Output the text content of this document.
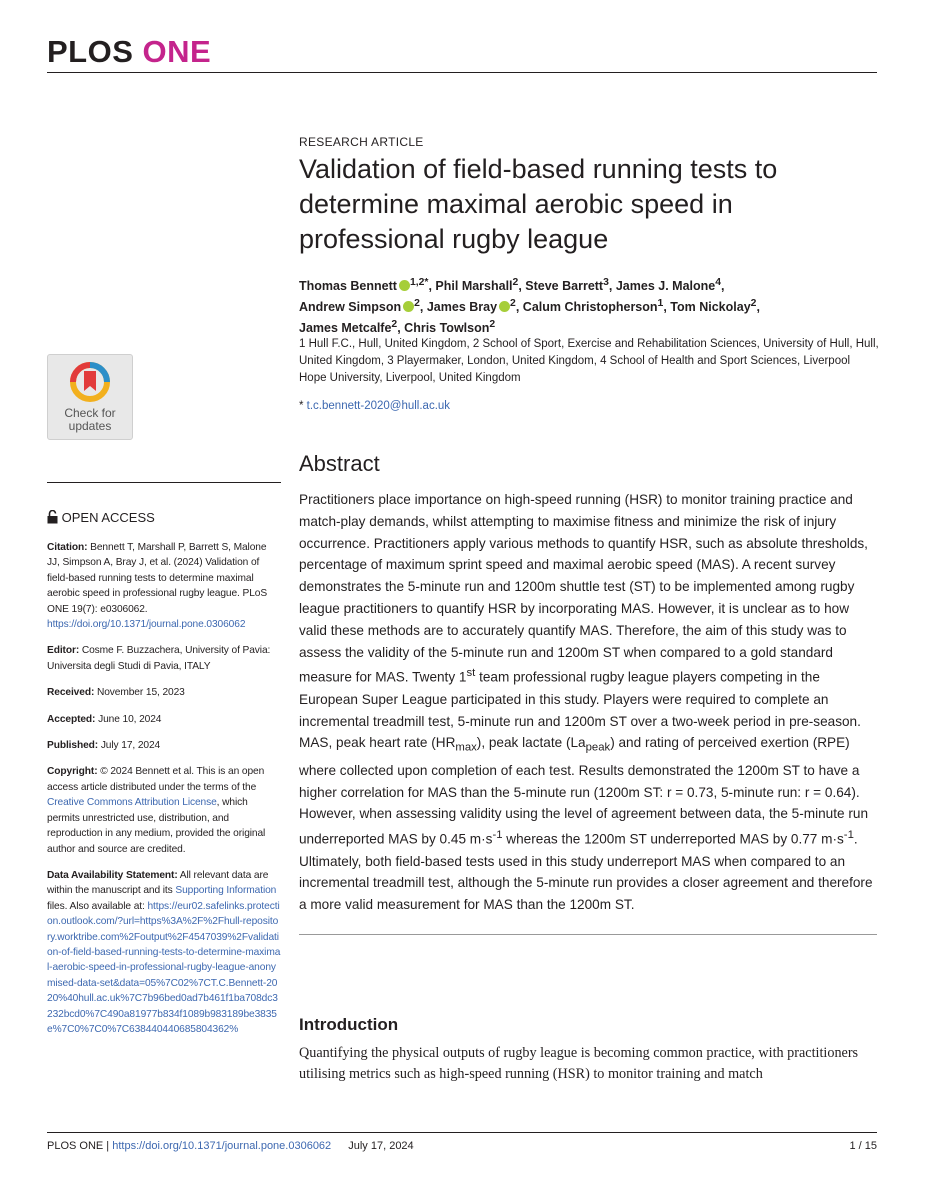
PLOS ONE
Check for
updates
OPEN ACCESS

Citation: Bennett T, Marshall P, Barrett S, Malone JJ, Simpson A, Bray J, et al. (2024) Validation of field-based running tests to determine maximal aerobic speed in professional rugby league. PLoS ONE 19(7): e0306062. https://doi.org/10.1371/journal.pone.0306062

Editor: Cosme F. Buzzachera, University of Pavia: Universita degli Studi di Pavia, ITALY

Received: November 15, 2023

Accepted: June 10, 2024

Published: July 17, 2024

Copyright: © 2024 Bennett et al. This is an open access article distributed under the terms of the Creative Commons Attribution License, which permits unrestricted use, distribution, and reproduction in any medium, provided the original author and source are credited.

Data Availability Statement: All relevant data are within the manuscript and its Supporting Information files. Also available at: https://eur02.safelinks.protection.outlook.com/?url=https%3A%2F%2Fhull-repository.worktribe.com%2Foutput%2F4547039%2Fvalidation-of-field-based-running-tests-to-determine-maximal-aerobic-speed-in-professional-rugby-league-anonymised-data-set&data=05%7C02%7CT.C.Bennett-2020%40hull.ac.uk%7C7b96bed0ad7b461f1ba708dc3232bcd0%7C490a81977b834f1089b983189be3835e%7C0%7C0%7C638440440685804362%

RESEARCH ARTICLE
Validation of field-based running tests to determine maximal aerobic speed in professional rugby league
Thomas Bennett $^{1,2*}$, Phil Marshall$^2$, Steve Barrett$^3$, James J. Malone$^4$,
Andrew Simpson $^2$, James Bray $^2$, Calum Christopherson$^1$, Tom Nickolay$^2$,
James Metcalfe$^2$, Chris Towlson$^2$
1 Hull F.C., Hull, United Kingdom, 2 School of Sport, Exercise and Rehabilitation Sciences, University of Hull, Hull, United Kingdom, 3 Playermaker, London, United Kingdom, 4 School of Health and Sport Sciences, Liverpool Hope University, Liverpool, United Kingdom
* t.c.bennett-2020@hull.ac.uk
Abstract
Practitioners place importance on high-speed running (HSR) to monitor training practice and match-play demands, whilst attempting to maximise fitness and minimize the risk of injury occurrence. Practitioners apply various methods to quantify HSR, such as absolute thresholds, percentage of maximum sprint speed and maximal aerobic speed (MAS). A recent survey demonstrates the 5-minute run and 1200m shuttle test (ST) to be implemented among rugby league practitioners to quantify HSR by incorporating MAS. However, it is unclear as to how valid these methods are to accurately quantify MAS. Therefore, the aim of this study was to assess the validity of the 5-minute run and 1200m ST when compared to a gold standard measure for MAS. Twenty 1st team professional rugby league players competing in the European Super League participated in this study. Players were required to complete an incremental treadmill test, 5-minute run and 1200m ST over a two-week period in pre-season. MAS, peak heart rate $(HR_{max})$, peak lactate $(La_{peak})$ and rating of perceived exertion (RPE) where collected upon completion of each test. Results demonstrated the 1200m ST to have a higher correlation for MAS than the 5-minute run (1200m ST: r = 0.73, 5-minute run: r = 0.64). However, when assessing validity using the level of agreement between data, the 5-minute run underreported MAS by 0.45 $m\cdot s^{-1}$ whereas the 1200m ST underreported MAS by 0.77 $m\cdot s^{-1}$. Ultimately, both field-based tests used in this study underreport MAS when compared to an incremental treadmill test, although the 5-minute run provides a closer agreement and therefore a more valid measurement for MAS than the 1200m ST.
Introduction
Quantifying the physical outputs of rugby league is becoming common practice, with practitioners utilising metrics such as high-speed running (HSR) to monitor training and match
PLOS ONE | https://doi.org/10.1371/journal.pone.0306062 July 17, 2024	1 / 15
